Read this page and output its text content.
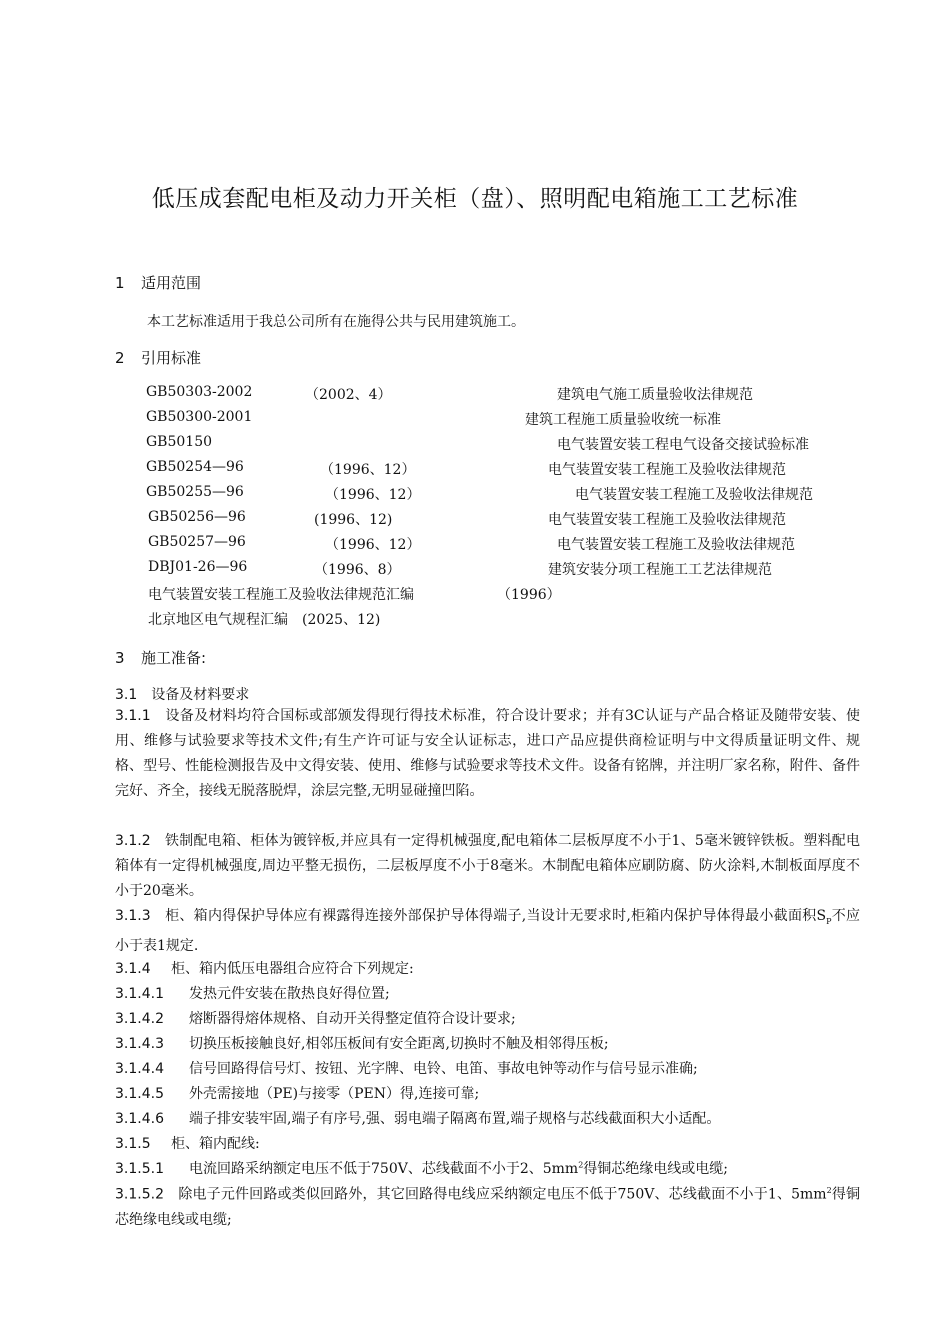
低压成套配电柜及动力开关柜（盘）、照明配电箱施工工艺标准
1 适用范围
本工艺标准适用于我总公司所有在施得公共与民用建筑施工。
2 引用标准
GB50303-2002	（2002、4）	建筑电气施工质量验收法律规范
GB50300-2001	建筑工程施工质量验收统一标准
GB50150	电气装置安装工程电气设备交接试验标准
GB50254—96	（1996、12）	电气装置安装工程施工及验收法律规范
GB50255—96	（1996、12）	电气装置安装工程施工及验收法律规范
GB50256—96	(1996、12)	电气装置安装工程施工及验收法律规范
GB50257—96	（1996、12）	电气装置安装工程施工及验收法律规范
DBJ01-26—96	（1996、8）	建筑安装分项工程施工工艺法律规范
电气装置安装工程施工及验收法律规范汇编	（1996）
北京地区电气规程汇编　(2025、12)
3 施工准备:
3.1　设备及材料要求
3.1.1　 设备及材料均符合国标或部颁发得现行得技术标准，符合设计要求；并有3C认证与产品合格证及随带安装、使用、维修与试验要求等技术文件;有生产许可证与安全认证标志，进口产品应提供商检证明与中文得质量证明文件、规格、型号、性能检测报告及中文得安装、使用、维修与试验要求等技术文件。设备有铭牌，并注明厂家名称，附件、备件完好、齐全，接线无脱落脱焊，涂层完整,无明显碰撞凹陷。
3.1.2　 铁制配电箱、柜体为镀锌板,并应具有一定得机械强度,配电箱体二层板厚度不小于1、5毫米镀锌铁板。塑料配电箱体有一定得机械强度,周边平整无损伤，二层板厚度不小于8毫米。木制配电箱体应刷防腐、防火涂料,木制板面厚度不小于20毫米。
3.1.3　 柜、箱内得保护导体应有裸露得连接外部保护导体得端子,当设计无要求时,柜箱内保护导体得最小截面积$S_P$不应小于表1规定.
3.1.4 柜、箱内低压电器组合应符合下列规定:
3.1.4.1 发热元件安装在散热良好得位置;
3.1.4.2 熔断器得熔体规格、自动开关得整定值符合设计要求;
3.1.4.3 切换压板接触良好,相邻压板间有安全距离,切换时不触及相邻得压板;
3.1.4.4 信号回路得信号灯、按钮、光字牌、电铃、电笛、事故电钟等动作与信号显示准确;
3.1.4.5 外壳需接地（PE)与接零（PEN）得,连接可靠;
3.1.4.6 端子排安装牢固,端子有序号,强、弱电端子隔离布置,端子规格与芯线截面积大小适配。
3.1.5 柜、箱内配线:
3.1.5.1 电流回路采纳额定电压不低于750V、芯线截面不小于2、$5mm^2$得铜芯绝缘电线或电缆;
3.1.5.2　 除电子元件回路或类似回路外，其它回路得电线应采纳额定电压不低于750V、芯线截面不小于1、$5mm^2$得铜芯绝缘电线或电缆;
